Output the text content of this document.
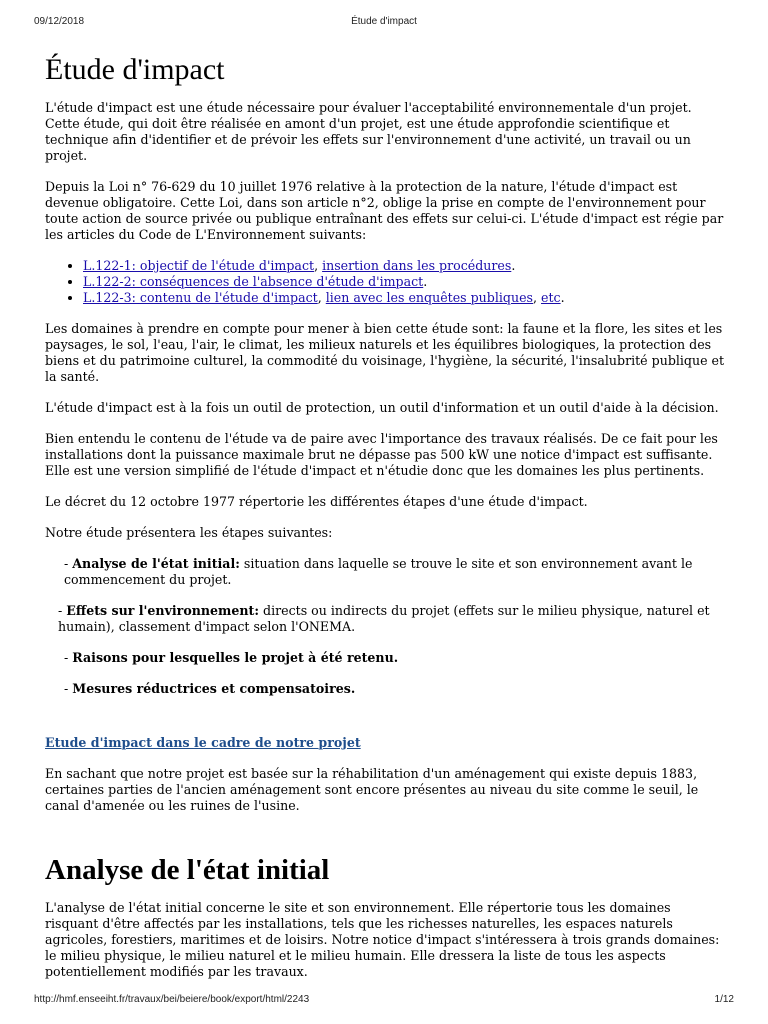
09/12/2018	Étude d'impact
Étude d'impact

L'étude d'impact est une étude nécessaire pour évaluer l'acceptabilité environnementale d'un projet. Cette étude, qui doit être réalisée en amont d'un projet, est une étude approfondie scientifique et technique afin d'identifier et de prévoir les effets sur l'environnement d'une activité, un travail ou un projet.

Depuis la Loi n° 76-629 du 10 juillet 1976 relative à la protection de la nature, l'étude d'impact est devenue obligatoire. Cette Loi, dans son article n°2, oblige la prise en compte de l'environnement pour toute action de source privée ou publique entraînant des effets sur celui-ci. L'étude d'impact est régie par les articles du Code de L'Environnement suivants:

• L.122-1: objectif de l'étude d'impact, insertion dans les procédures.
• L.122-2: conséquences de l'absence d'étude d'impact.
• L.122-3: contenu de l'étude d'impact, lien avec les enquêtes publiques, etc.

Les domaines à prendre en compte pour mener à bien cette étude sont: la faune et la flore, les sites et les paysages, le sol, l'eau, l'air, le climat, les milieux naturels et les équilibres biologiques, la protection des biens et du patrimoine culturel, la commodité du voisinage, l'hygiène, la sécurité, l'insalubrité publique et la santé.

L'étude d'impact est à la fois un outil de protection, un outil d'information et un outil d'aide à la décision.

Bien entendu le contenu de l'étude va de paire avec l'importance des travaux réalisés. De ce fait pour les installations dont la puissance maximale brut ne dépasse pas 500 kW une notice d'impact est suffisante. Elle est une version simplifié de l'étude d'impact et n'étudie donc que les domaines les plus pertinents.

Le décret du 12 octobre 1977 répertorie les différentes étapes d'une étude d'impact.

Notre étude présentera les étapes suivantes:

- Analyse de l'état initial: situation dans laquelle se trouve le site et son environnement avant le commencement du projet.

- Effets sur l'environnement: directs ou indirects du projet (effets sur le milieu physique, naturel et humain), classement d'impact selon l'ONEMA.

- Raisons pour lesquelles le projet à été retenu.

- Mesures réductrices et compensatoires.

Etude d'impact dans le cadre de notre projet

En sachant que notre projet est basée sur la réhabilitation d'un aménagement qui existe depuis 1883, certaines parties de l'ancien aménagement sont encore présentes au niveau du site comme le seuil, le canal d'amenée ou les ruines de l'usine.

Analyse de l'état initial

L'analyse de l'état initial concerne le site et son environnement. Elle répertorie tous les domaines risquant d'être affectés par les installations, tels que les richesses naturelles, les espaces naturels agricoles, forestiers, maritimes et de loisirs. Notre notice d'impact s'intéressera à trois grands domaines: le milieu physique, le milieu naturel et le milieu humain. Elle dressera la liste de tous les aspects potentiellement modifiés par les travaux.

http://hmf.enseeiht.fr/travaux/bei/beiere/book/export/html/2243	1/12
